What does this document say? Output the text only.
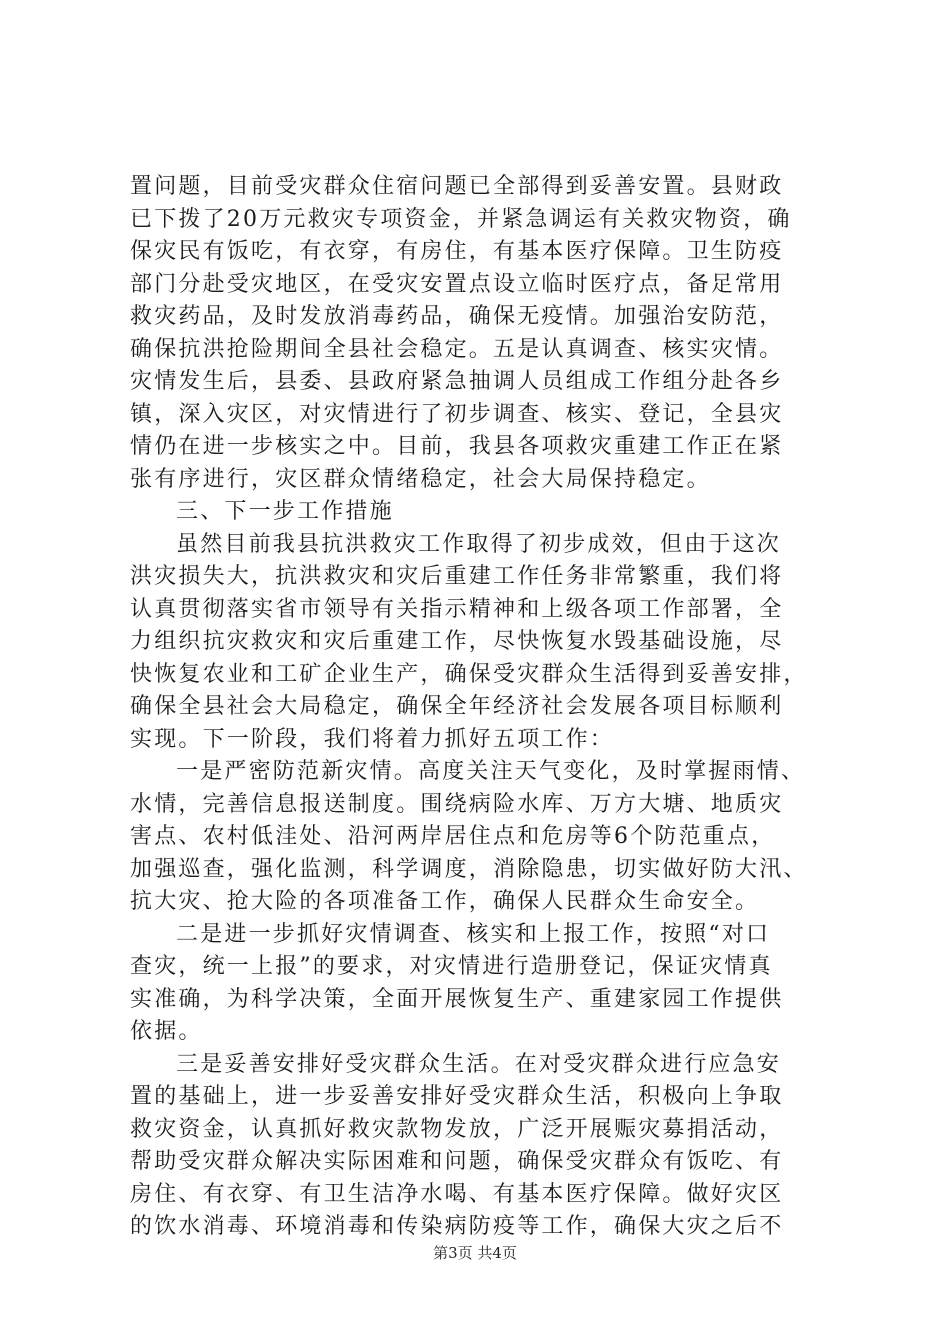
置问题，目前受灾群众住宿问题已全部得到妥善安置。县财政
已下拨了20万元救灾专项资金，并紧急调运有关救灾物资，确
保灾民有饭吃，有衣穿，有房住，有基本医疗保障。卫生防疫
部门分赴受灾地区，在受灾安置点设立临时医疗点，备足常用
救灾药品，及时发放消毒药品，确保无疫情。加强治安防范，
确保抗洪抢险期间全县社会稳定。五是认真调查、核实灾情。
灾情发生后，县委、县政府紧急抽调人员组成工作组分赴各乡
镇，深入灾区，对灾情进行了初步调查、核实、登记，全县灾
情仍在进一步核实之中。目前，我县各项救灾重建工作正在紧
张有序进行，灾区群众情绪稳定，社会大局保持稳定。
三、下一步工作措施
虽然目前我县抗洪救灾工作取得了初步成效，但由于这次
洪灾损失大，抗洪救灾和灾后重建工作任务非常繁重，我们将
认真贯彻落实省市领导有关指示精神和上级各项工作部署，全
力组织抗灾救灾和灾后重建工作，尽快恢复水毁基础设施，尽
快恢复农业和工矿企业生产，确保受灾群众生活得到妥善安排，
确保全县社会大局稳定，确保全年经济社会发展各项目标顺利
实现。下一阶段，我们将着力抓好五项工作：
一是严密防范新灾情。高度关注天气变化，及时掌握雨情、
水情，完善信息报送制度。围绕病险水库、万方大塘、地质灾
害点、农村低洼处、沿河两岸居住点和危房等6个防范重点，
加强巡查，强化监测，科学调度，消除隐患，切实做好防大汛、
抗大灾、抢大险的各项准备工作，确保人民群众生命安全。
二是进一步抓好灾情调查、核实和上报工作，按照“对口
查灾，统一上报”的要求，对灾情进行造册登记，保证灾情真
实准确，为科学决策，全面开展恢复生产、重建家园工作提供
依据。
三是妥善安排好受灾群众生活。在对受灾群众进行应急安
置的基础上，进一步妥善安排好受灾群众生活，积极向上争取
救灾资金，认真抓好救灾款物发放，广泛开展赈灾募捐活动，
帮助受灾群众解决实际困难和问题，确保受灾群众有饭吃、有
房住、有衣穿、有卫生洁净水喝、有基本医疗保障。做好灾区
的饮水消毒、环境消毒和传染病防疫等工作，确保大灾之后不
第3页 共4页
